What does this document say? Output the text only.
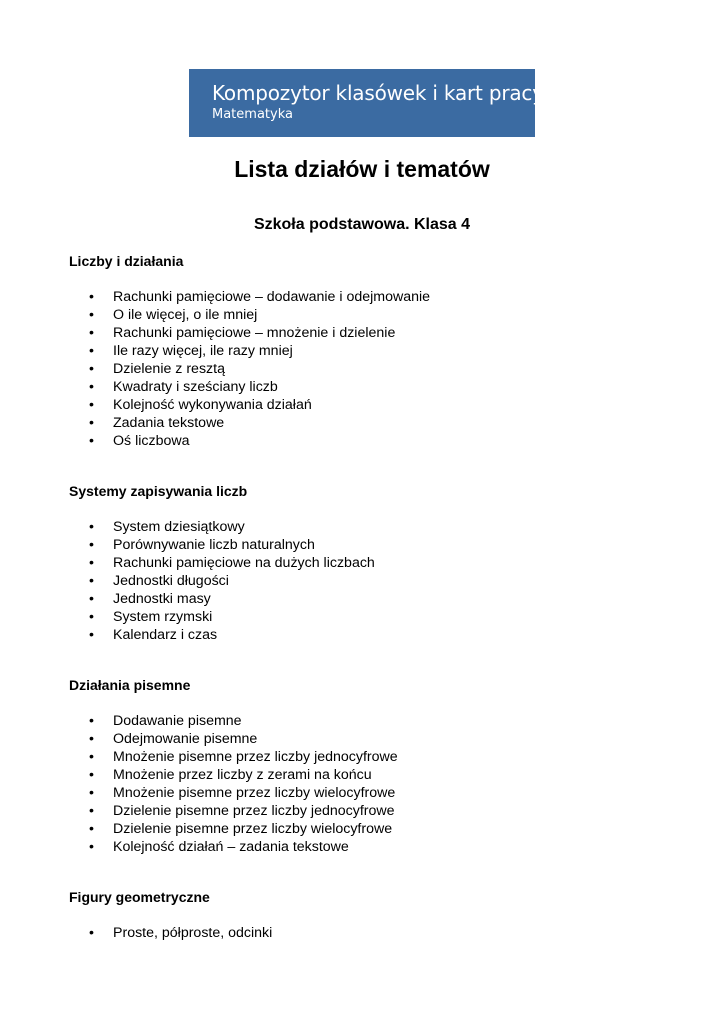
Kompozytor klasówek i kart pracy
Matematyka
Lista działów i tematów
Szkoła podstawowa. Klasa 4
Liczby i działania
• Rachunki pamięciowe – dodawanie i odejmowanie
• O ile więcej, o ile mniej
• Rachunki pamięciowe – mnożenie i dzielenie
• Ile razy więcej, ile razy mniej
• Dzielenie z resztą
• Kwadraty i sześciany liczb
• Kolejność wykonywania działań
• Zadania tekstowe
• Oś liczbowa
Systemy zapisywania liczb
• System dziesiątkowy
• Porównywanie liczb naturalnych
• Rachunki pamięciowe na dużych liczbach
• Jednostki długości
• Jednostki masy
• System rzymski
• Kalendarz i czas
Działania pisemne
• Dodawanie pisemne
• Odejmowanie pisemne
• Mnożenie pisemne przez liczby jednocyfrowe
• Mnożenie przez liczby z zerami na końcu
• Mnożenie pisemne przez liczby wielocyfrowe
• Dzielenie pisemne przez liczby jednocyfrowe
• Dzielenie pisemne przez liczby wielocyfrowe
• Kolejność działań – zadania tekstowe
Figury geometryczne
• Proste, półproste, odcinki
